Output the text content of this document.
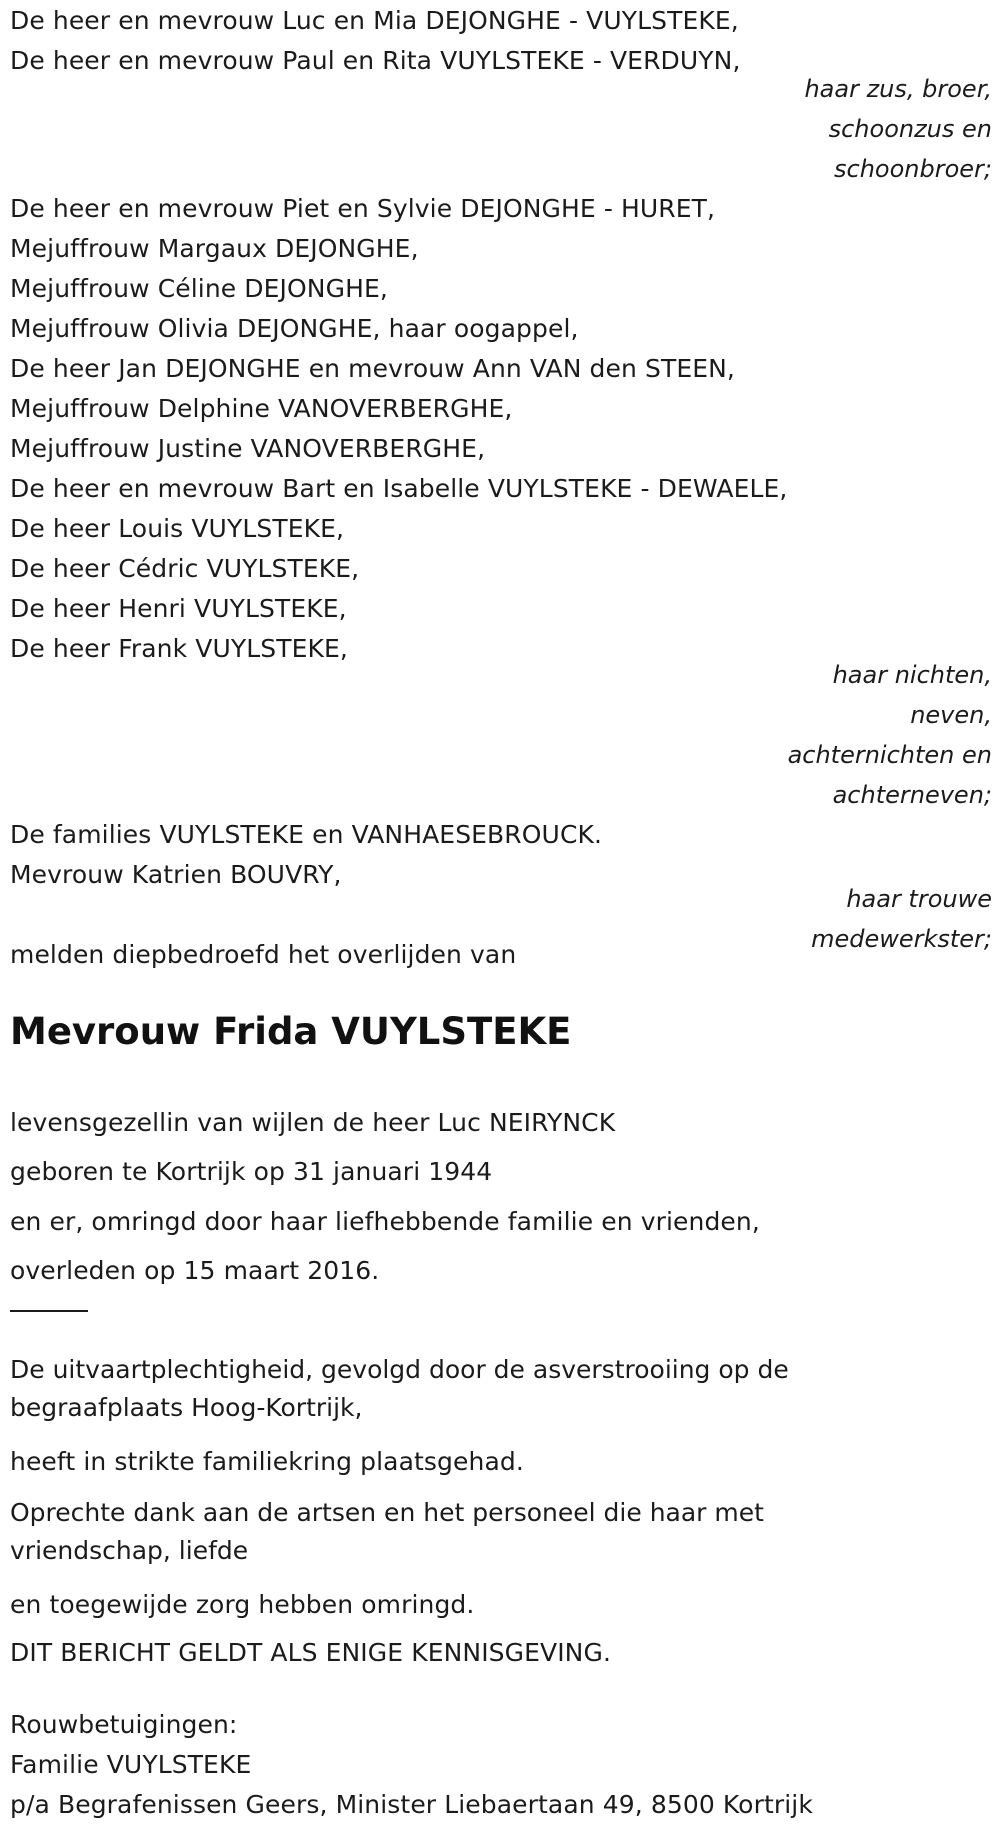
De heer en mevrouw Luc en Mia DEJONGHE - VUYLSTEKE,
De heer en mevrouw Paul en Rita VUYLSTEKE - VERDUYN,
haar zus, broer,
schoonzus en
schoonbroer;
De heer en mevrouw Piet en Sylvie DEJONGHE - HURET,
Mejuffrouw Margaux DEJONGHE,
Mejuffrouw Céline DEJONGHE,
Mejuffrouw Olivia DEJONGHE, haar oogappel,
De heer Jan DEJONGHE en mevrouw Ann VAN den STEEN,
Mejuffrouw Delphine VANOVERBERGHE,
Mejuffrouw Justine VANOVERBERGHE,
De heer en mevrouw Bart en Isabelle VUYLSTEKE - DEWAELE,
De heer Louis VUYLSTEKE,
De heer Cédric VUYLSTEKE,
De heer Henri VUYLSTEKE,
De heer Frank VUYLSTEKE,
haar nichten,
neven,
achternichten en
achterneven;
De families VUYLSTEKE en VANHAESEBROUCK.
Mevrouw Katrien BOUVRY,
haar trouwe
medewerkster;
melden diepbedroefd het overlijden van
Mevrouw Frida VUYLSTEKE
levensgezellin van wijlen de heer Luc NEIRYNCK
geboren te Kortrijk op 31 januari 1944
en er, omringd door haar liefhebbende familie en vrienden,
overleden op 15 maart 2016.
De uitvaartplechtigheid, gevolgd door de asverstrooiing op de begraafplaats Hoog-Kortrijk,
heeft in strikte familiekring plaatsgehad.
Oprechte dank aan de artsen en het personeel die haar met vriendschap, liefde
en toegewijde zorg hebben omringd.
DIT BERICHT GELDT ALS ENIGE KENNISGEVING.
Rouwbetuigingen:
Familie VUYLSTEKE
p/a Begrafenissen Geers, Minister Liebaertaan 49, 8500 Kortrijk
